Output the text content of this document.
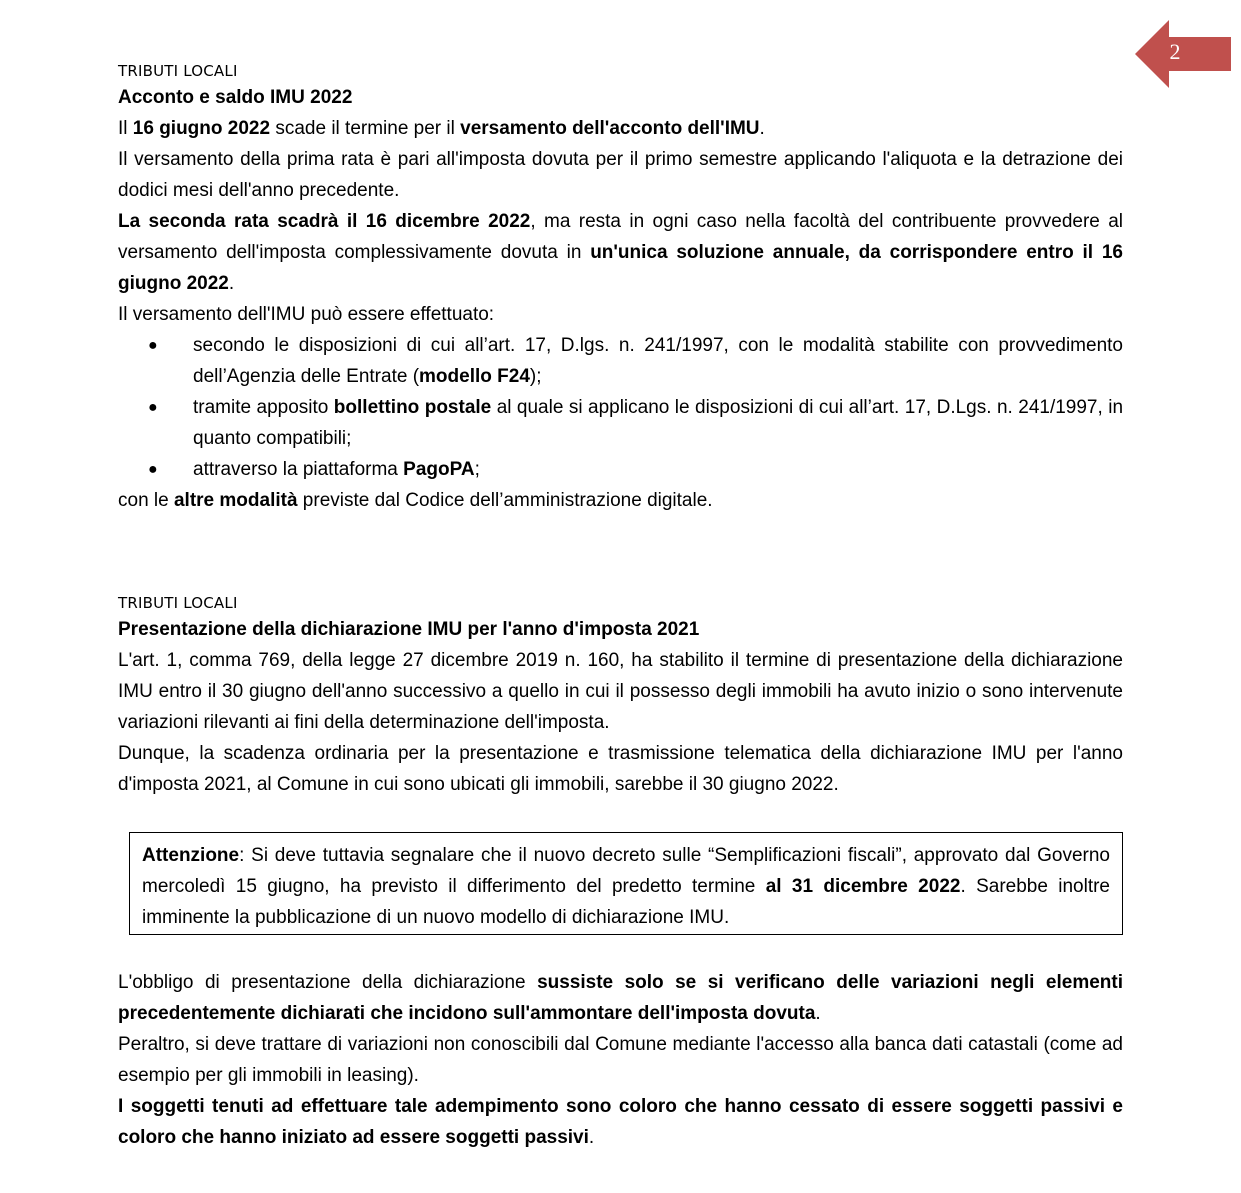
2
TRIBUTI LOCALI
Acconto e saldo IMU 2022

Il 16 giugno 2022 scade il termine per il versamento dell'acconto dell'IMU.

Il versamento della prima rata è pari all'imposta dovuta per il primo semestre applicando l'aliquota e la detrazione dei dodici mesi dell'anno precedente.

La seconda rata scadrà il 16 dicembre 2022, ma resta in ogni caso nella facoltà del contribuente provvedere al versamento dell'imposta complessivamente dovuta in un'unica soluzione annuale, da corrispondere entro il 16 giugno 2022.

Il versamento dell'IMU può essere effettuato:

● secondo le disposizioni di cui all’art. 17, D.lgs. n. 241/1997, con le modalità stabilite con provvedimento dell’Agenzia delle Entrate (modello F24);
● tramite apposito bollettino postale al quale si applicano le disposizioni di cui all’art. 17, D.Lgs. n. 241/1997, in quanto compatibili;
● attraverso la piattaforma PagoPA;

con le altre modalità previste dal Codice dell’amministrazione digitale.

TRIBUTI LOCALI
Presentazione della dichiarazione IMU per l'anno d'imposta 2021

L'art. 1, comma 769, della legge 27 dicembre 2019 n. 160, ha stabilito il termine di presentazione della dichiarazione IMU entro il 30 giugno dell'anno successivo a quello in cui il possesso degli immobili ha avuto inizio o sono intervenute variazioni rilevanti ai fini della determinazione dell'imposta.

Dunque, la scadenza ordinaria per la presentazione e trasmissione telematica della dichiarazione IMU per l'anno d'imposta 2021, al Comune in cui sono ubicati gli immobili, sarebbe il 30 giugno 2022.

Attenzione: Si deve tuttavia segnalare che il nuovo decreto sulle “Semplificazioni fiscali”, approvato dal Governo mercoledì 15 giugno, ha previsto il differimento del predetto termine al 31 dicembre 2022. Sarebbe inoltre imminente la pubblicazione di un nuovo modello di dichiarazione IMU.

L'obbligo di presentazione della dichiarazione sussiste solo se si verificano delle variazioni negli elementi precedentemente dichiarati che incidono sull'ammontare dell'imposta dovuta.

Peraltro, si deve trattare di variazioni non conoscibili dal Comune mediante l'accesso alla banca dati catastali (come ad esempio per gli immobili in leasing).

I soggetti tenuti ad effettuare tale adempimento sono coloro che hanno cessato di essere soggetti passivi e coloro che hanno iniziato ad essere soggetti passivi.
